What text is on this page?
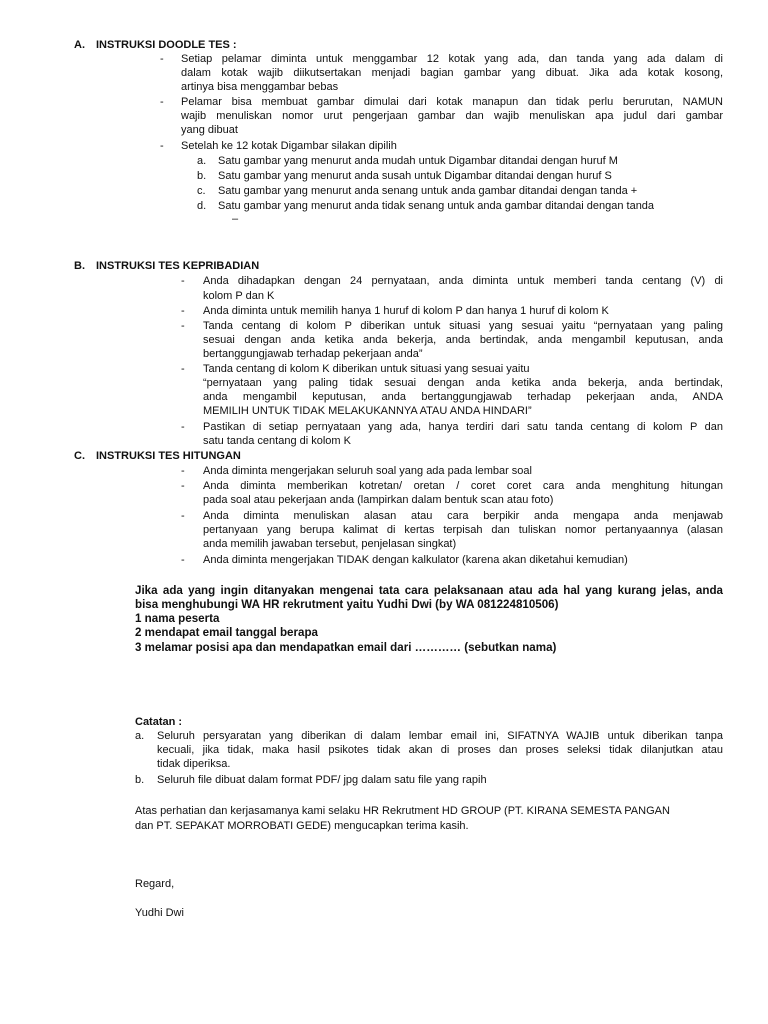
A. INSTRUKSI DOODLE TES :
- Setiap pelamar diminta untuk menggambar 12 kotak yang ada, dan tanda yang ada dalam di
dalam kotak wajib diikutsertakan menjadi bagian gambar yang dibuat. Jika ada kotak kosong,
artinya bisa menggambar bebas
- Pelamar bisa membuat gambar dimulai dari kotak manapun dan tidak perlu berurutan, NAMUN
wajib menuliskan nomor urut pengerjaan gambar dan wajib menuliskan apa judul dari gambar
yang dibuat
- Setelah ke 12 kotak Digambar silakan dipilih
a. Satu gambar yang menurut anda mudah untuk Digambar ditandai dengan huruf M
b. Satu gambar yang menurut anda susah untuk Digambar ditandai dengan huruf S
c. Satu gambar yang menurut anda senang untuk anda gambar ditandai dengan tanda +
d. Satu gambar yang menurut anda tidak senang untuk anda gambar ditandai dengan tanda
–
B. INSTRUKSI TES KEPRIBADIAN
- Anda dihadapkan dengan 24 pernyataan, anda diminta untuk memberi tanda centang (V) di
kolom P dan K
- Anda diminta untuk memilih hanya 1 huruf di kolom P dan hanya 1 huruf di kolom K
- Tanda centang di kolom P diberikan untuk situasi yang sesuai yaitu “pernyataan yang paling
sesuai dengan anda ketika anda bekerja, anda bertindak, anda mengambil keputusan, anda
bertanggungjawab terhadap pekerjaan anda”
- Tanda centang di kolom K diberikan untuk situasi yang sesuai yaitu
“pernyataan yang paling tidak sesuai dengan anda ketika anda bekerja, anda bertindak,
anda mengambil keputusan, anda bertanggungjawab terhadap pekerjaan anda, ANDA
MEMILIH UNTUK TIDAK MELAKUKANNYA ATAU ANDA HINDARI”
- Pastikan di setiap pernyataan yang ada, hanya terdiri dari satu tanda centang di kolom P dan
satu tanda centang di kolom K
C. INSTRUKSI TES HITUNGAN
- Anda diminta mengerjakan seluruh soal yang ada pada lembar soal
- Anda diminta memberikan kotretan/ oretan / coret coret cara anda menghitung hitungan
pada soal atau pekerjaan anda (lampirkan dalam bentuk scan atau foto)
- Anda diminta menuliskan alasan atau cara berpikir anda mengapa anda menjawab
pertanyaan yang berupa kalimat di kertas terpisah dan tuliskan nomor pertanyaannya (alasan
anda memilih jawaban tersebut, penjelasan singkat)
- Anda diminta mengerjakan TIDAK dengan kalkulator (karena akan diketahui kemudian)
Jika ada yang ingin ditanyakan mengenai tata cara pelaksanaan atau ada hal yang kurang jelas, anda
bisa menghubungi WA HR rekrutment yaitu Yudhi Dwi (by WA 081224810506)
1 nama peserta
2 mendapat email tanggal berapa
3 melamar posisi apa dan mendapatkan email dari ………… (sebutkan nama)
Catatan :
a. Seluruh persyaratan yang diberikan di dalam lembar email ini, SIFATNYA WAJIB untuk diberikan tanpa
kecuali, jika tidak, maka hasil psikotes tidak akan di proses dan proses seleksi tidak dilanjutkan atau
tidak diperiksa.
b. Seluruh file dibuat dalam format PDF/ jpg dalam satu file yang rapih
Atas perhatian dan kerjasamanya kami selaku HR Rekrutment HD GROUP (PT. KIRANA SEMESTA PANGAN
dan PT. SEPAKAT MORROBATI GEDE) mengucapkan terima kasih.
Regard,
Yudhi Dwi
